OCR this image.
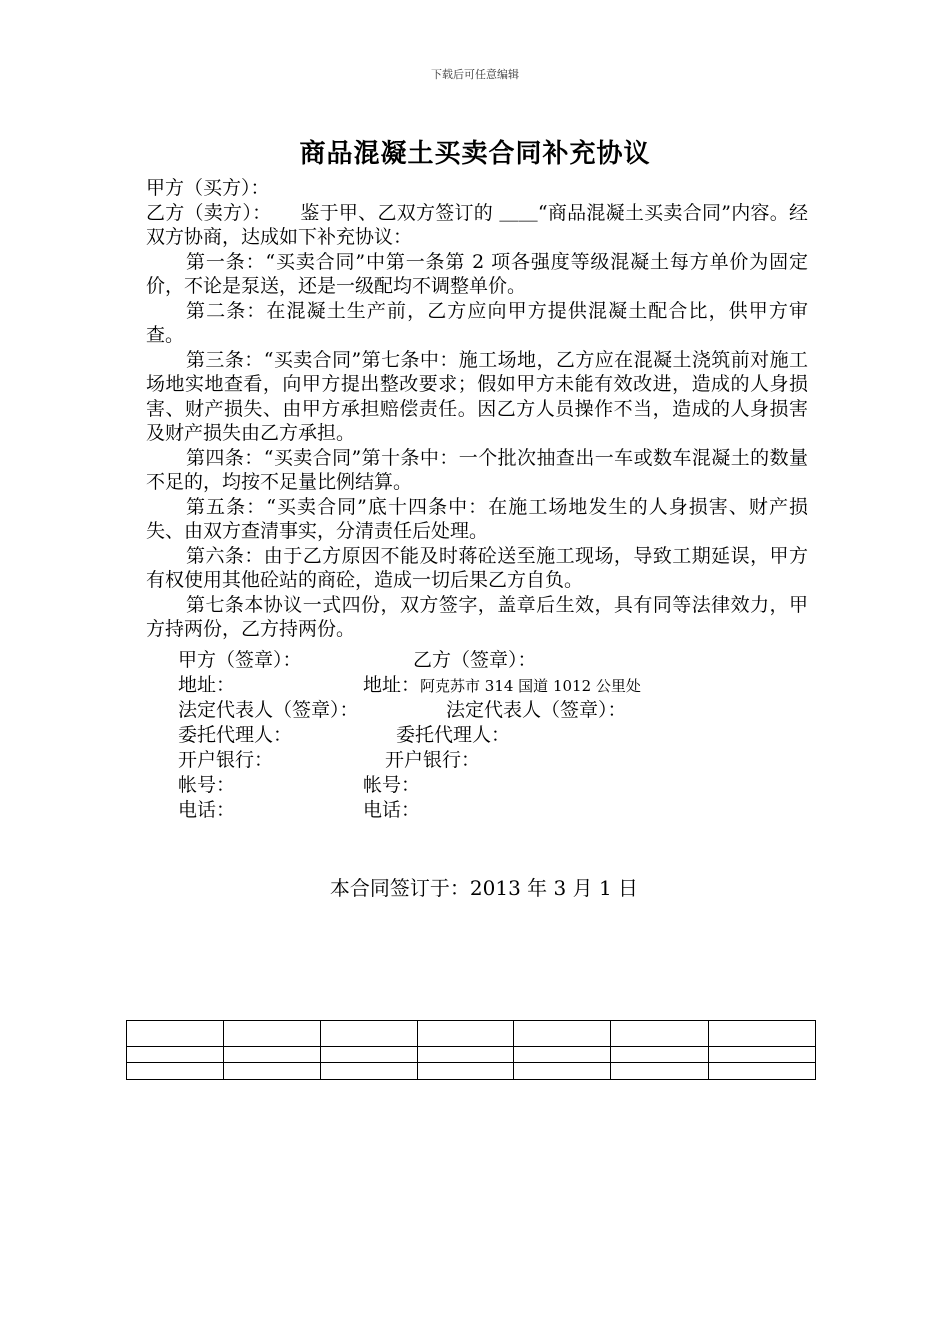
下载后可任意编辑
商品混凝土买卖合同补充协议

甲方（买方）：

乙方（卖方）：　　鉴于甲、乙双方签订的 ＿＿“商品混凝土买卖合同”内容。经双方协商，达成如下补充协议：

第一条：“买卖合同”中第一条第 2 项各强度等级混凝土每方单价为固定价，不论是泵送，还是一级配均不调整单价。

第二条：在混凝土生产前，乙方应向甲方提供混凝土配合比，供甲方审查。

第三条：“买卖合同”第七条中：施工场地，乙方应在混凝土浇筑前对施工场地实地查看，向甲方提出整改要求；假如甲方未能有效改进，造成的人身损害、财产损失、由甲方承担赔偿责任。因乙方人员操作不当，造成的人身损害及财产损失由乙方承担。

第四条：“买卖合同”第十条中：一个批次抽查出一车或数车混凝土的数量不足的，均按不足量比例结算。

第五条：“买卖合同”底十四条中：在施工场地发生的人身损害、财产损失、由双方查清事实，分清责任后处理。

第六条：由于乙方原因不能及时蒋砼送至施工现场，导致工期延误，甲方有权使用其他砼站的商砼，造成一切后果乙方自负。

第七条本协议一式四份，双方签字，盖章后生效，具有同等法律效力，甲方持两份，乙方持两份。

甲方（签章）：	乙方（签章）：
地址：	地址：阿克苏市 314 国道 1012 公里处
法定代表人（签章）：	法定代表人（签章）：
委托代理人：	委托代理人：
开户银行：	开户银行：
帐号：	帐号：
电话：	电话：
本合同签订于：2013 年 3 月 1 日
